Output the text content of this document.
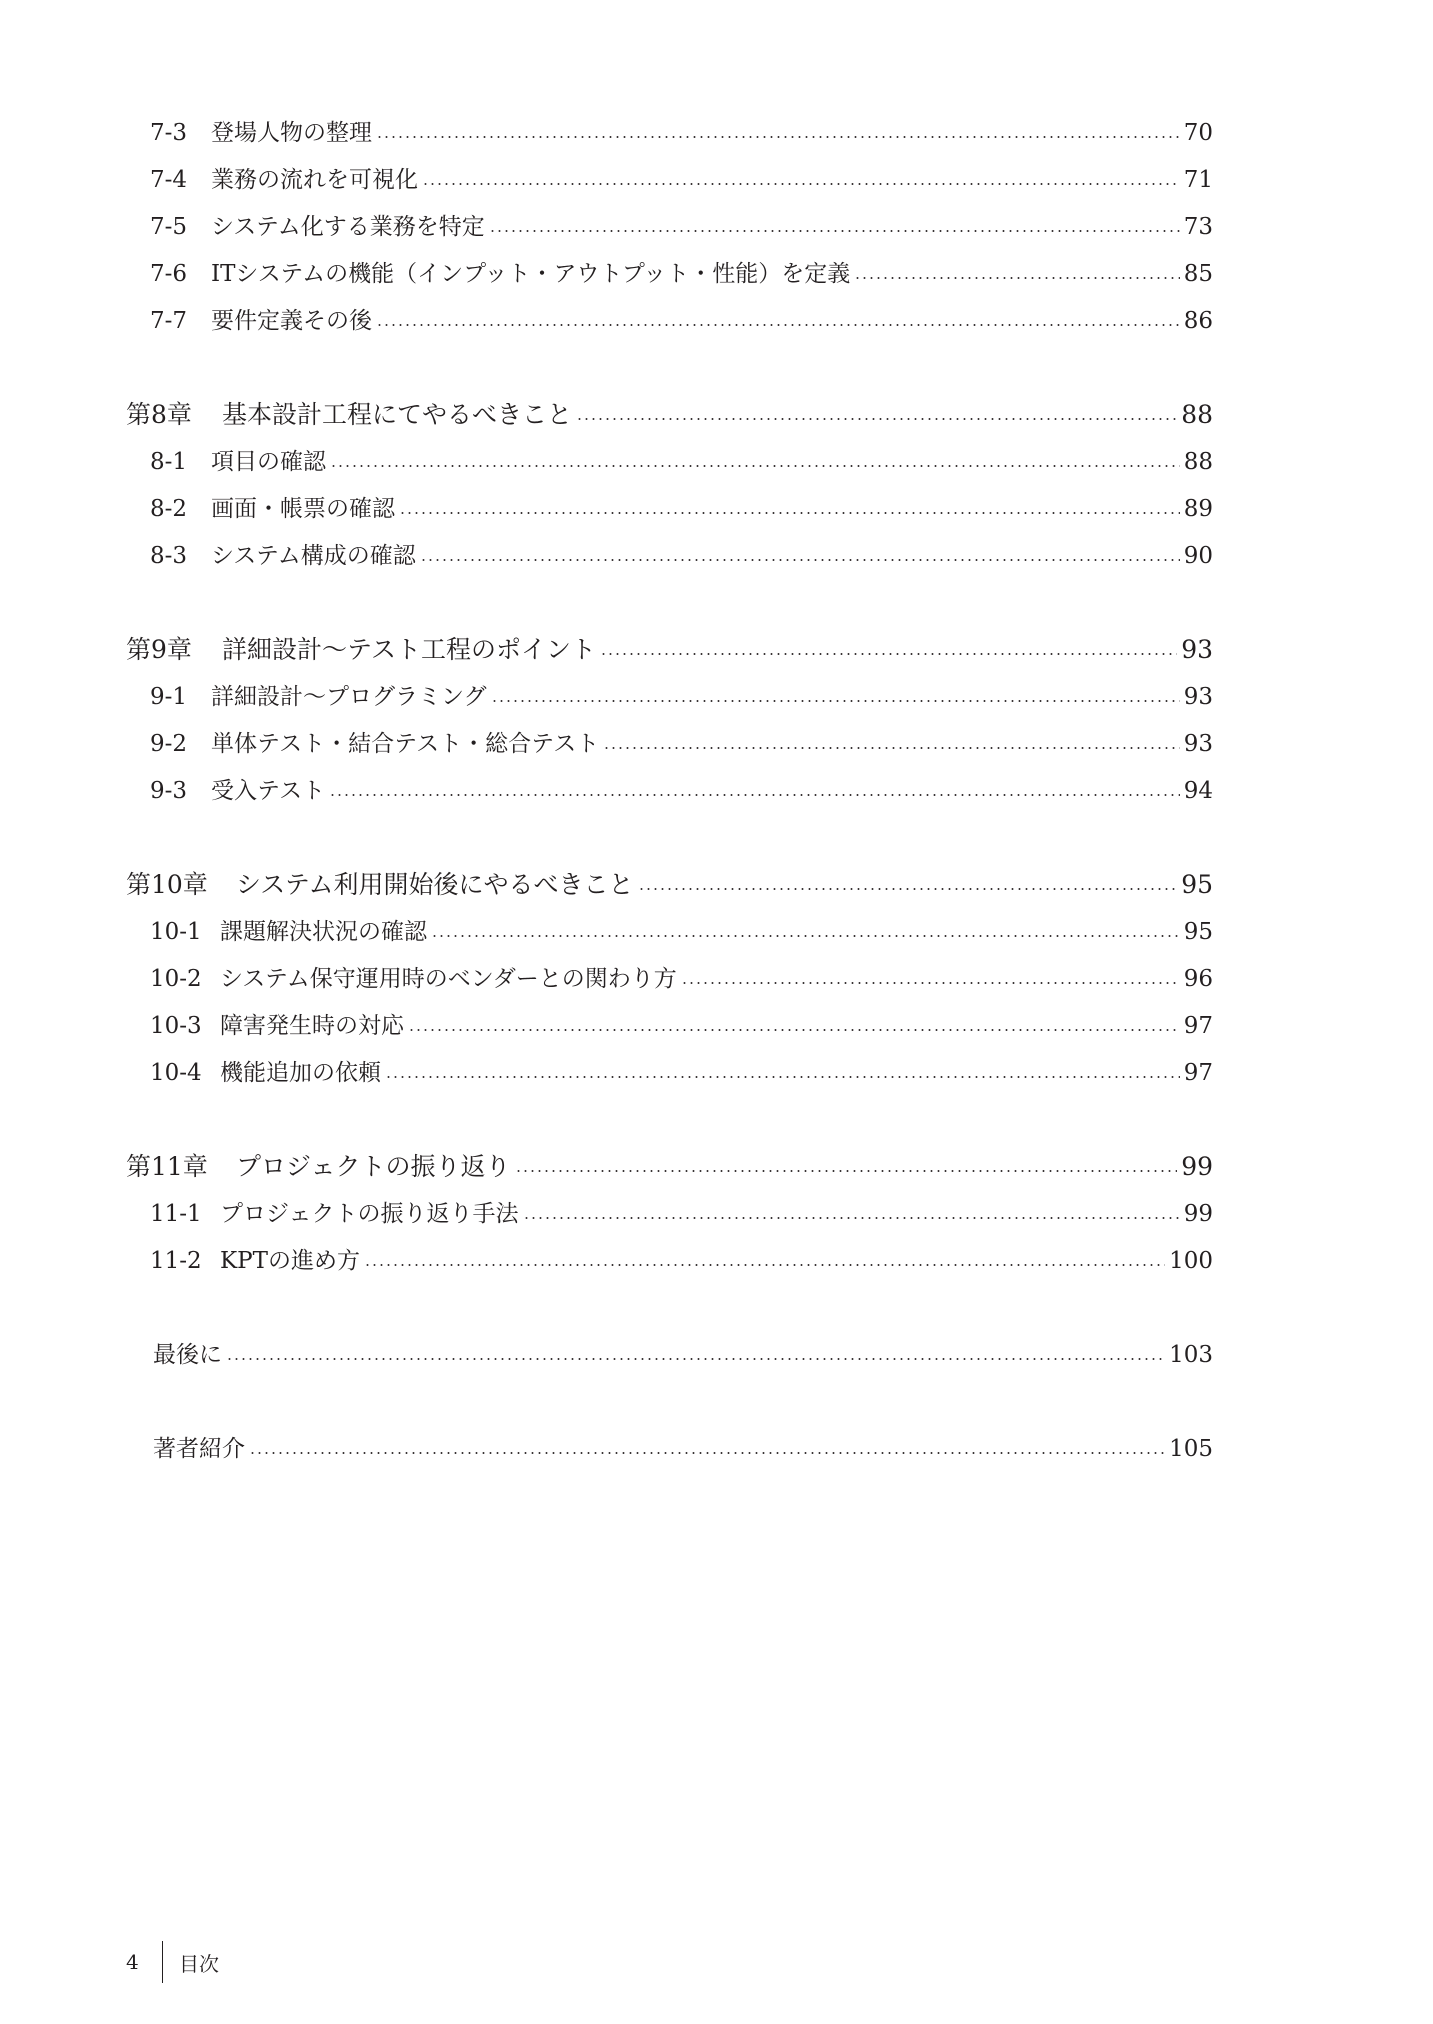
7-3	登場人物の整理	70
7-4	業務の流れを可視化	71
7-5	システム化する業務を特定	73
7-6	ITシステムの機能（インプット・アウトプット・性能）を定義	85
7-7	要件定義その後	86
第8章	基本設計工程にてやるべきこと	88
8-1	項目の確認	88
8-2	画面・帳票の確認	89
8-3	システム構成の確認	90
第9章	詳細設計～テスト工程のポイント	93
9-1	詳細設計～プログラミング	93
9-2	単体テスト・結合テスト・総合テスト	93
9-3	受入テスト	94
第10章	システム利用開始後にやるべきこと	95
10-1 課題解決状況の確認	95
10-2 システム保守運用時のベンダーとの関わり方	96
10-3 障害発生時の対応	97
10-4 機能追加の依頼	97
第11章	プロジェクトの振り返り	99
11-1 プロジェクトの振り返り手法	99
11-2 KPTの進め方	100
最後に	103
著者紹介	105
4	目次
